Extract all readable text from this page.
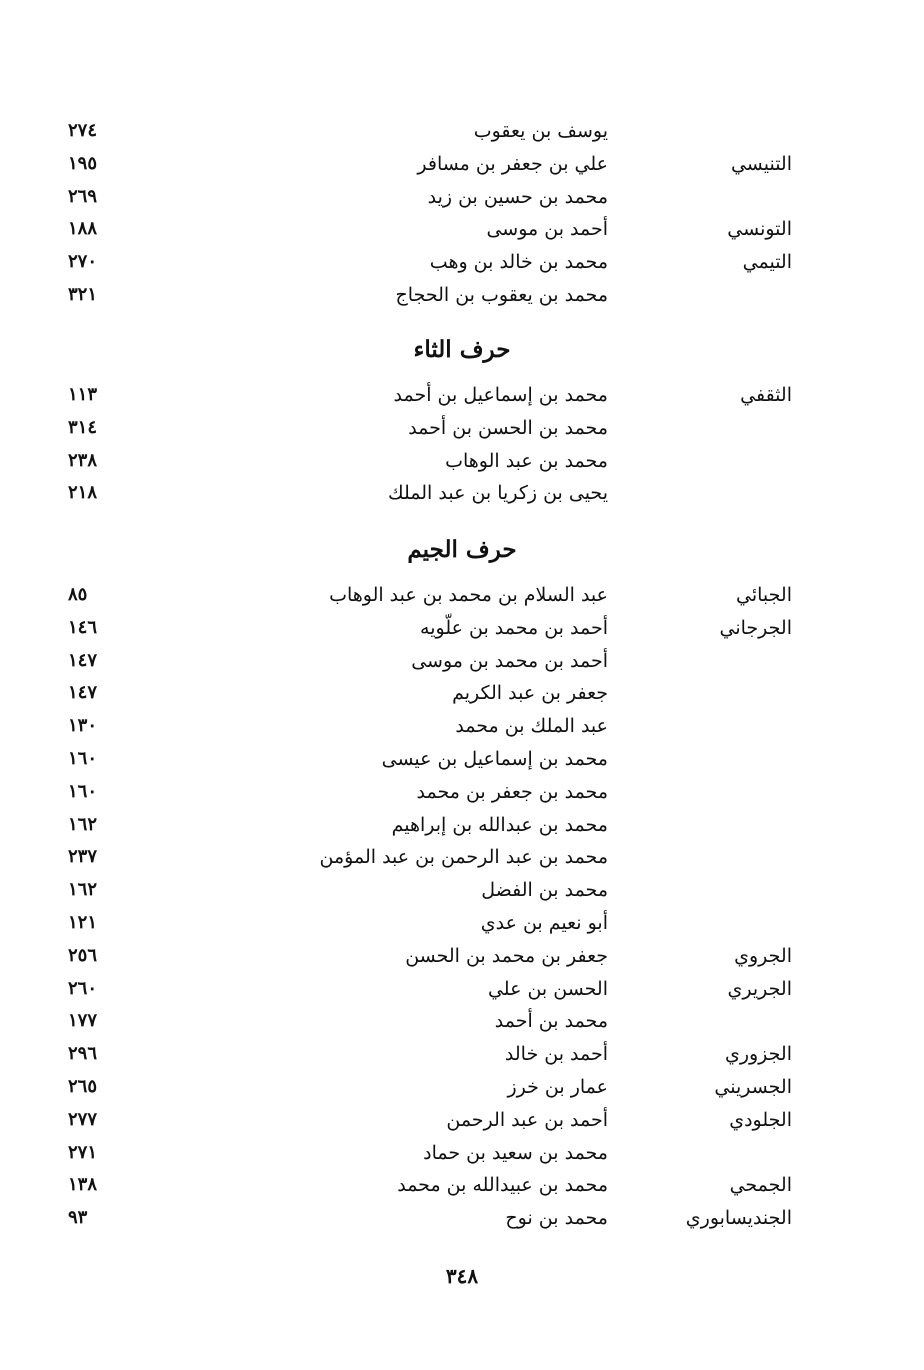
يوسف بن يعقوب
٢٧٤
التنيسي
علي بن جعفر بن مسافر
١٩٥
محمد بن حسين بن زيد
٢٦٩
التونسي
أحمد بن موسى
١٨٨
التيمي
محمد بن خالد بن وهب
٢٧٠
محمد بن يعقوب بن الحجاج
٣٢١
حرف الثاء
الثقفي
محمد بن إسماعيل بن أحمد
١١٣
محمد بن الحسن بن أحمد
٣١٤
محمد بن عبد الوهاب
٢٣٨
يحيى بن زكريا بن عبد الملك
٢١٨
حرف الجيم
الجبائي
عبد السلام بن محمد بن عبد الوهاب
٨٥
الجرجاني
أحمد بن محمد بن علّويه
١٤٦
أحمد بن محمد بن موسى
١٤٧
جعفر بن عبد الكريم
١٤٧
عبد الملك بن محمد
١٣٠
محمد بن إسماعيل بن عيسى
١٦٠
محمد بن جعفر بن محمد
١٦٠
محمد بن عبدالله بن إبراهيم
١٦٢
محمد بن عبد الرحمن بن عبد المؤمن
٢٣٧
محمد بن الفضل
١٦٢
أبو نعيم بن عدي
١٢١
الجروي
جعفر بن محمد بن الحسن
٢٥٦
الجريري
الحسن بن علي
٢٦٠
محمد بن أحمد
١٧٧
الجزوري
أحمد بن خالد
٢٩٦
الجسريني
عمار بن خرز
٢٦٥
الجلودي
أحمد بن عبد الرحمن
٢٧٧
محمد بن سعيد بن حماد
٢٧١
الجمحي
محمد بن عبيدالله بن محمد
١٣٨
الجنديسابوري
محمد بن نوح
٩٣
٣٤٨
